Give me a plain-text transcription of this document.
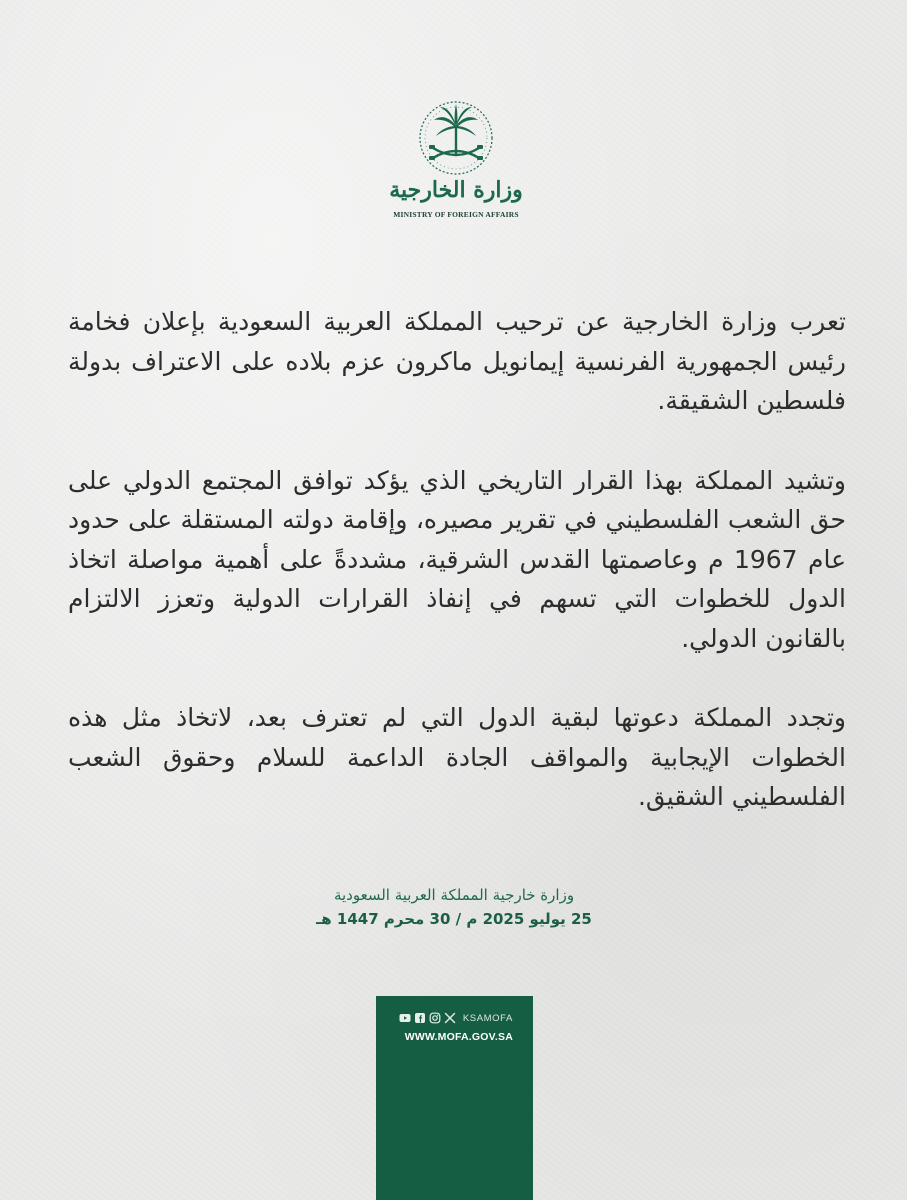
وزارة الخارجية
MINISTRY OF FOREIGN AFFAIRS

تعرب وزارة الخارجية عن ترحيب المملكة العربية السعودية بإعلان فخامة رئيس الجمهورية الفرنسية إيمانويل ماكرون عزم بلاده على الاعتراف بدولة فلسطين الشقيقة.

وتشيد المملكة بهذا القرار التاريخي الذي يؤكد توافق المجتمع الدولي على حق الشعب الفلسطيني في تقرير مصيره، وإقامة دولته المستقلة على حدود عام 1967 م وعاصمتها القدس الشرقية، مشددةً على أهمية مواصلة اتخاذ الدول للخطوات التي تسهم في إنفاذ القرارات الدولية وتعزز الالتزام بالقانون الدولي.

وتجدد المملكة دعوتها لبقية الدول التي لم تعترف بعد، لاتخاذ مثل هذه الخطوات الإيجابية والمواقف الجادة الداعمة للسلام وحقوق الشعب الفلسطيني الشقيق.

وزارة خارجية المملكة العربية السعودية
25 يوليو 2025 م / 30 محرم 1447 هـ
KSAMOFA
WWW.MOFA.GOV.SA
